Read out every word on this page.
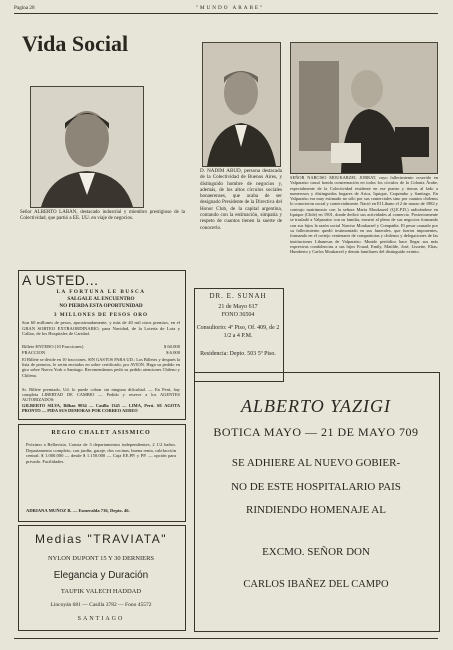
Pagina 28	"MUNDO ARABE"
Vida Social
Señor ALBERTO LABAN, destacado industrial y miembro prestigioso de la Colectividad, que partió a EE. UU. en viaje de negocios.
D. NADIM ABUD, persona destacada de la Colectividad de Buenos Aires, y distinguido hombre de negocios y, además, de los altos círculos sociales bonaerenses, que acaba de ser designado Presidente de la Directiva del Honor Club, de la capital argentina, contando con la estimación, simpatía y respeto de cuantos tienen la suerte de conocerlo.
SEÑOR NARCISO MOUKARZEL JORRAT, cuyo fallecimiento ocurrido en Valparaíso causó honda consternación en todos los círculos de la Colonia Árabe, especialmente de la Colectividad residente en ese puerto y tierras al lado a numerosos y distinguidos hogares de Arica, Iquique, Coquimbo y Santiago. En Valparaíso era muy estimado no sólo por sus comerciales sino por cuantos chilenos lo conocieron social y comercialmente. Nació en El Líbano el 2 de marzo de 1882 y contrajo matrimonio con la señora María Moukarzel (Q.E.P.D.) radicándose en Iquique (Chile) en 1901, donde dedicó sus actividades al comercio. Posteriormente se trasladó a Valparaíso con su familia, esmeró al pleno de sus negocios formando con sus hijos la razón social Narciso Moukarzel y Compañía. El pesar causado por su fallecimiento quedó testimoniado en sus funerales, que fueron imponentes, formando en el cortejo centenares de compatriotas y chilenos y delegaciones de las instituciones Libanesas de Valparaíso. Mundo periódico hace llegar sus más expresivas condolencias a sus hijos Fouad, Emily, Matilde, José, Lissette, Elias, Humberto y Carlos Moukarzel y demás familiares del distinguido extinto.
A USTED...
LA FORTUNA LE BUSCA
SALGALE AL ENCUENTRO
NO PIERDA ESTA OPORTUNIDAD
3 MILLONES DE PESOS ORO
Son 60 millones de pesos, aproximadamente, y más de 40 mil otros premios, en el GRAN SORTEO EXTRAORDINARIO, para Navidad, de la Lotería de Lota y Callao, de los Hospitales de Caridad.
Billete ENTERO (10 Fracciones)	$ 60.000
FRACCION	$ 6.000
El Billete se divide en 10 fracciones. SIN GASTOS PARA UD.: Los Billetes y después la lista de premios, le serán enviados en sobre certificado, por AVION. Haga su pedido en giro sobre Nueva York o Santiago. Recomendamos pedir su pedido atenciones Chileno y Chilena.
Sr. Billete premiado, Ud. lo puede cobrar sin ninguna dificultad. — En Perú, hay completa LIBERTAD DE CAMBIO — Pedido y reserve a los AGENTES AUTORIZADOS:
GILBERTO SILVA, Bilbao 9034 — Casilla 1345 — LIMA, Perú. SE AGOTA PRONTO — PIDA SUS DEMORAS POR CORREO AEREO
DR. E. SUNAH
21 de Mayo 617
FONO 36504
Consultorio: 4º Piso, Of. 409, de 2 1/2 a 4 P.M.
Residencia: Depto. 503 5º Piso.
REGIO CHALET ASISMICO
Próximo a Bellavista. Consta de 3 departamentos independientes, 2 1/2 baños. Departamento completo, con jardín, garaje, dos cocinas, buena renta, calefacción central. $ 1.000.000 — desde $ 1.150.000 — Caja EE.PP. y PP. — opción para privado. Facilidades.
ADRIANA MUÑOZ B. — Esmeralda 736, Depto. 46.
Medias "TRAVIATA"
NYLON DUPONT 15 Y 30 DERNIERS
Elegancia y Duración
TAUFIK VALECH HADDAD
Lincoyán 681 — Casilla 3782 — Fono 45572
SANTIAGO
ALBERTO YAZIGI
BOTICA MAYO — 21 DE MAYO 709
SE ADHIERE AL NUEVO GOBIER-
NO DE ESTE HOSPITALARIO PAIS
RINDIENDO HOMENAJE AL
EXCMO. SEÑOR DON
CARLOS IBAÑEZ DEL CAMPO
